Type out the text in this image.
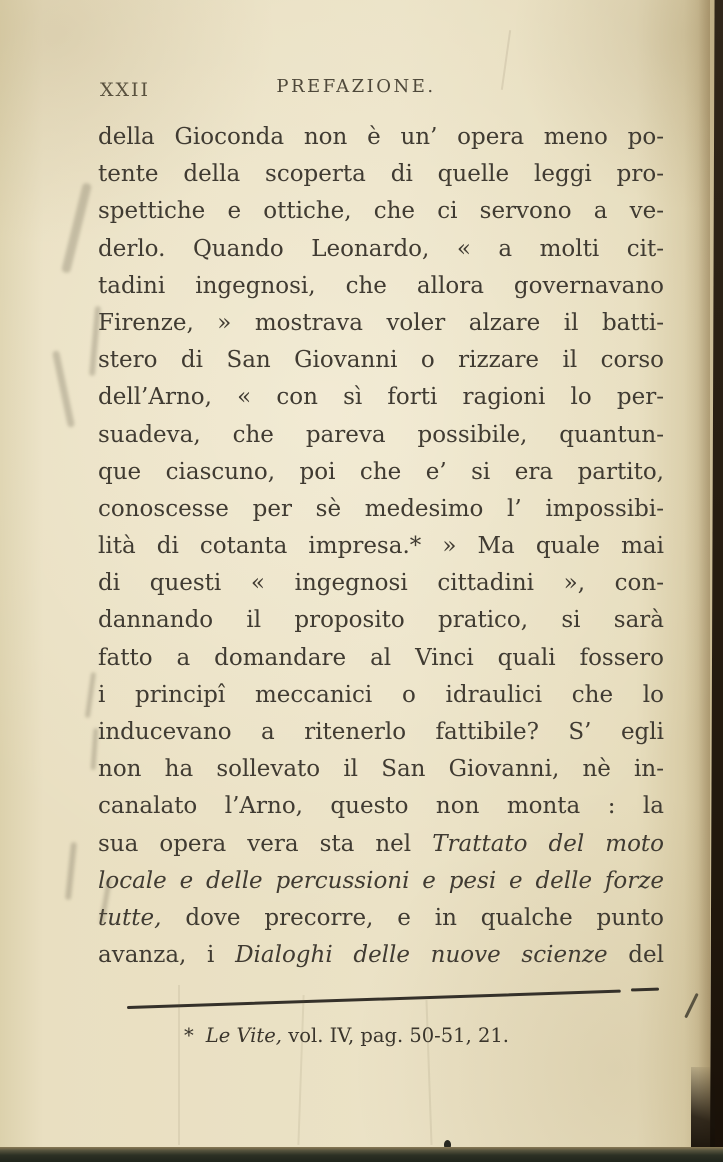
XXII	PREFAZIONE.
della Gioconda non è un’ opera meno po-
tente della scoperta di quelle leggi pro-
spettiche e ottiche, che ci servono a ve-
derlo. Quando Leonardo, « a molti cit-
tadini ingegnosi, che allora governavano
Firenze, » mostrava voler alzare il batti-
stero di San Giovanni o rizzare il corso
dell’Arno, « con sì forti ragioni lo per-
suadeva, che pareva possibile, quantun-
que ciascuno, poi che e’ si era partito,
conoscesse per sè medesimo l’ impossibi-
lità di cotanta impresa.* » Ma quale mai
di questi « ingegnosi cittadini », con-
dannando il proposito pratico, si sarà
fatto a domandare al Vinci quali fossero
i principî meccanici o idraulici che lo
inducevano a ritenerlo fattibile? S’ egli
non ha sollevato il San Giovanni, nè in-
canalato l’Arno, questo non monta : la
sua opera vera sta nel Trattato del moto
locale e delle percussioni e pesi e delle forze
tutte, dove precorre, e in qualche punto
avanza, i Dialoghi delle nuove scienze del
* Le Vite, vol. IV, pag. 50-51, 21.
